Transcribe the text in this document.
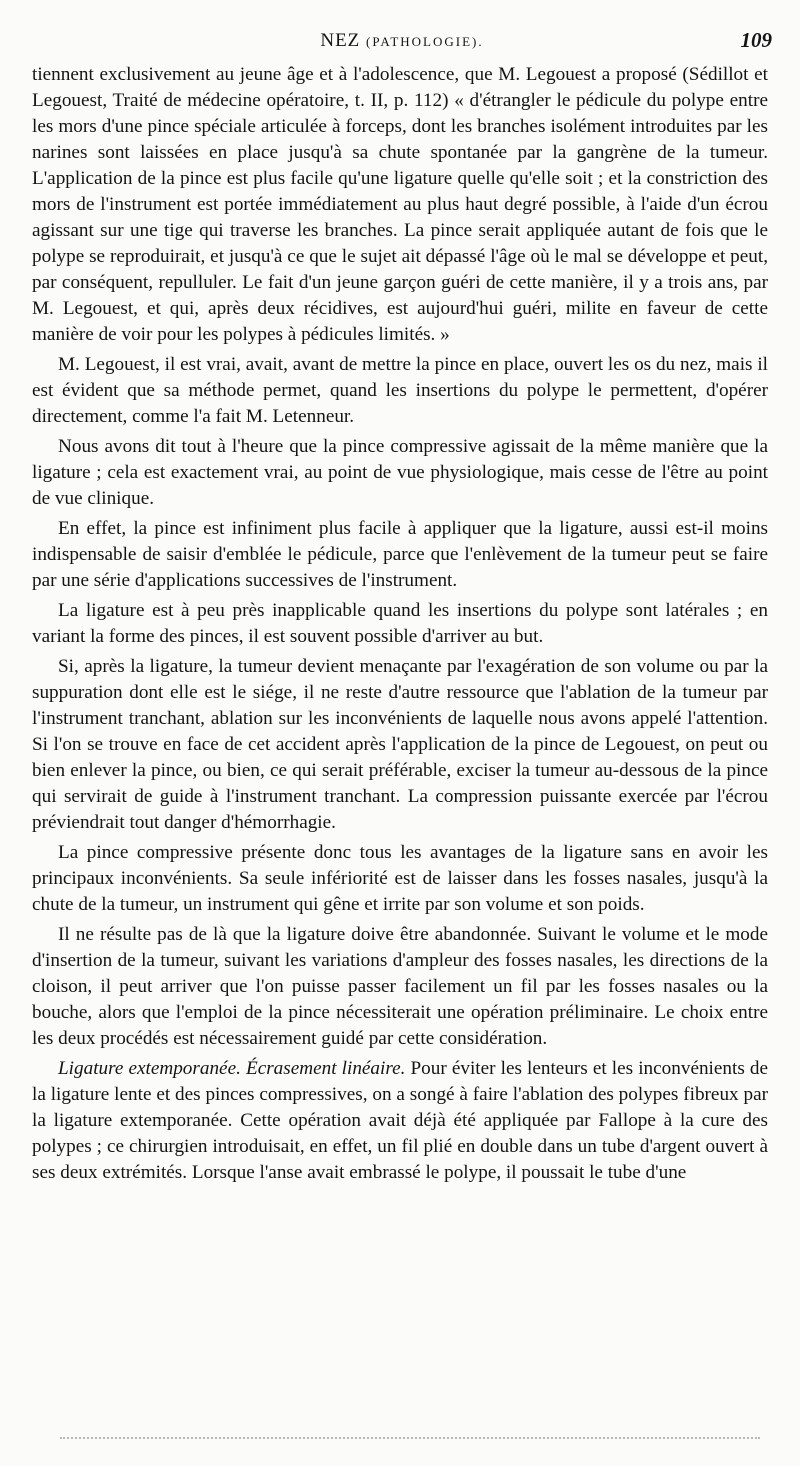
NEZ (PATHOLOGIE).	109

tiennent exclusivement au jeune âge et à l'adolescence, que M. Legouest a proposé (Sédillot et Legouest, Traité de médecine opératoire, t. II, p. 112) « d'étrangler le pédicule du polype entre les mors d'une pince spéciale articulée à forceps, dont les branches isolément introduites par les narines sont laissées en place jusqu'à sa chute spontanée par la gangrène de la tumeur. L'application de la pince est plus facile qu'une ligature quelle qu'elle soit ; et la constriction des mors de l'instrument est portée immédiatement au plus haut degré possible, à l'aide d'un écrou agissant sur une tige qui traverse les branches. La pince serait appliquée autant de fois que le polype se reproduirait, et jusqu'à ce que le sujet ait dépassé l'âge où le mal se développe et peut, par conséquent, repulluler. Le fait d'un jeune garçon guéri de cette manière, il y a trois ans, par M. Legouest, et qui, après deux récidives, est aujourd'hui guéri, milite en faveur de cette manière de voir pour les polypes à pédicules limités. »

M. Legouest, il est vrai, avait, avant de mettre la pince en place, ouvert les os du nez, mais il est évident que sa méthode permet, quand les insertions du polype le permettent, d'opérer directement, comme l'a fait M. Letenneur.

Nous avons dit tout à l'heure que la pince compressive agissait de la même manière que la ligature ; cela est exactement vrai, au point de vue physiologique, mais cesse de l'être au point de vue clinique.

En effet, la pince est infiniment plus facile à appliquer que la ligature, aussi est-il moins indispensable de saisir d'emblée le pédicule, parce que l'enlèvement de la tumeur peut se faire par une série d'applications successives de l'instrument.

La ligature est à peu près inapplicable quand les insertions du polype sont latérales ; en variant la forme des pinces, il est souvent possible d'arriver au but.

Si, après la ligature, la tumeur devient menaçante par l'exagération de son volume ou par la suppuration dont elle est le siége, il ne reste d'autre ressource que l'ablation de la tumeur par l'instrument tranchant, ablation sur les inconvénients de laquelle nous avons appelé l'attention. Si l'on se trouve en face de cet accident après l'application de la pince de Legouest, on peut ou bien enlever la pince, ou bien, ce qui serait préférable, exciser la tumeur au-dessous de la pince qui servirait de guide à l'instrument tranchant. La compression puissante exercée par l'écrou préviendrait tout danger d'hémorrhagie.

La pince compressive présente donc tous les avantages de la ligature sans en avoir les principaux inconvénients. Sa seule infériorité est de laisser dans les fosses nasales, jusqu'à la chute de la tumeur, un instrument qui gêne et irrite par son volume et son poids.

Il ne résulte pas de là que la ligature doive être abandonnée. Suivant le volume et le mode d'insertion de la tumeur, suivant les variations d'ampleur des fosses nasales, les directions de la cloison, il peut arriver que l'on puisse passer facilement un fil par les fosses nasales ou la bouche, alors que l'emploi de la pince nécessiterait une opération préliminaire. Le choix entre les deux procédés est nécessairement guidé par cette considération.

Ligature extemporanée. Écrasement linéaire. Pour éviter les lenteurs et les inconvénients de la ligature lente et des pinces compressives, on a songé à faire l'ablation des polypes fibreux par la ligature extemporanée. Cette opération avait déjà été appliquée par Fallope à la cure des polypes ; ce chirurgien introduisait, en effet, un fil plié en double dans un tube d'argent ouvert à ses deux extrémités. Lorsque l'anse avait embrassé le polype, il poussait le tube d'une
